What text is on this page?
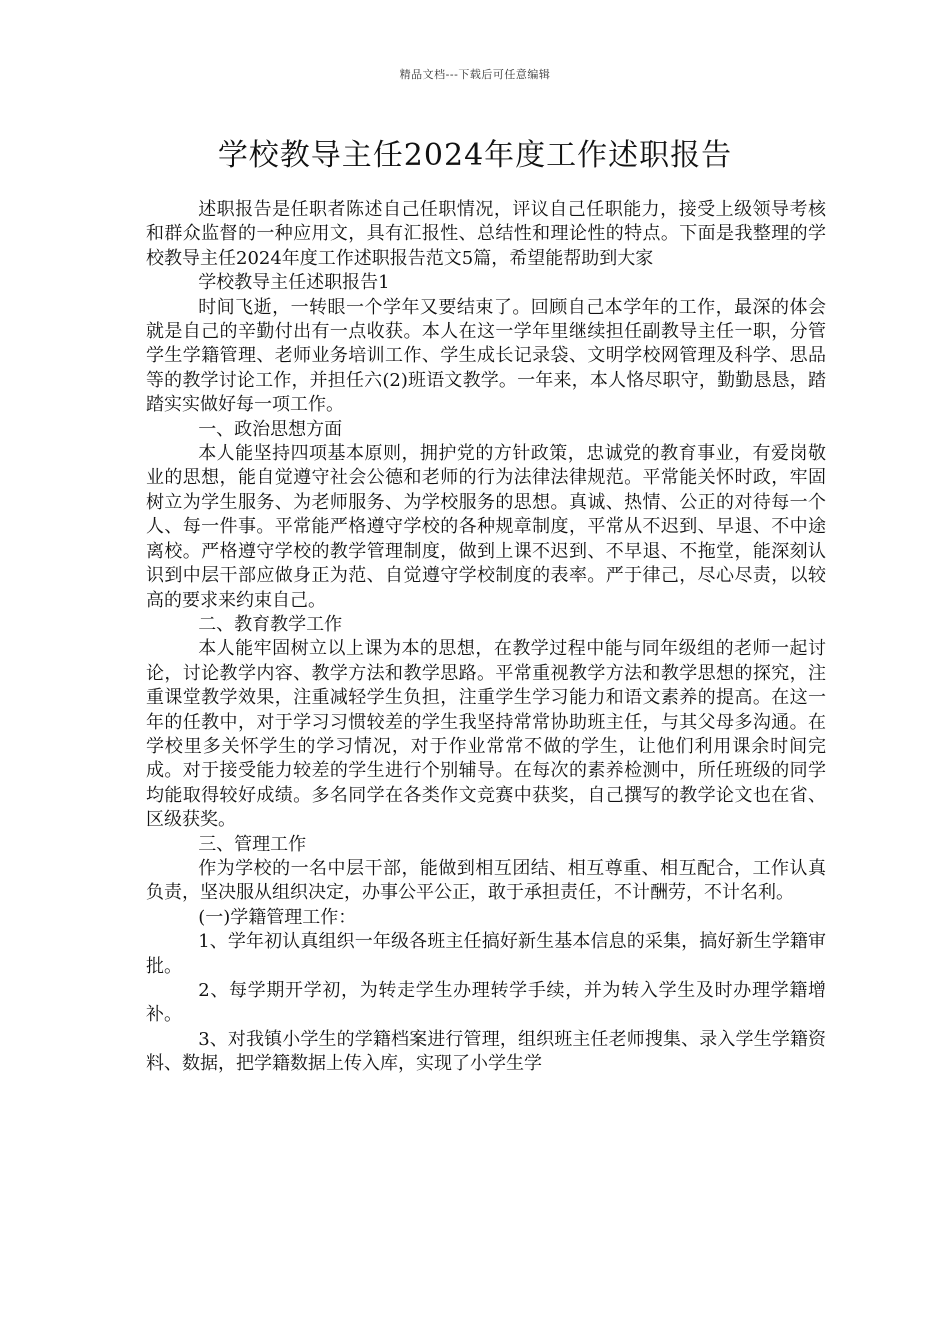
精品文档---下载后可任意编辑
学校教导主任2024年度工作述职报告

述职报告是任职者陈述自己任职情况，评议自己任职能力，接受上级领导考核和群众监督的一种应用文，具有汇报性、总结性和理论性的特点。下面是我整理的学校教导主任2024年度工作述职报告范文5篇，希望能帮助到大家

学校教导主任述职报告1

时间飞逝，一转眼一个学年又要结束了。回顾自己本学年的工作，最深的体会就是自己的辛勤付出有一点收获。本人在这一学年里继续担任副教导主任一职，分管学生学籍管理、老师业务培训工作、学生成长记录袋、文明学校网管理及科学、思品等的教学讨论工作，并担任六(2)班语文教学。一年来，本人恪尽职守，勤勤恳恳，踏踏实实做好每一项工作。

一、政治思想方面

本人能坚持四项基本原则，拥护党的方针政策，忠诚党的教育事业，有爱岗敬业的思想，能自觉遵守社会公德和老师的行为法律法律规范。平常能关怀时政，牢固树立为学生服务、为老师服务、为学校服务的思想。真诚、热情、公正的对待每一个人、每一件事。平常能严格遵守学校的各种规章制度，平常从不迟到、早退、不中途离校。严格遵守学校的教学管理制度，做到上课不迟到、不早退、不拖堂，能深刻认识到中层干部应做身正为范、自觉遵守学校制度的表率。严于律己，尽心尽责，以较高的要求来约束自己。

二、教育教学工作

本人能牢固树立以上课为本的思想，在教学过程中能与同年级组的老师一起讨论，讨论教学内容、教学方法和教学思路。平常重视教学方法和教学思想的探究，注重课堂教学效果，注重减轻学生负担，注重学生学习能力和语文素养的提高。在这一年的任教中，对于学习习惯较差的学生我坚持常常协助班主任，与其父母多沟通。在学校里多关怀学生的学习情况，对于作业常常不做的学生，让他们利用课余时间完成。对于接受能力较差的学生进行个别辅导。在每次的素养检测中，所任班级的同学均能取得较好成绩。多名同学在各类作文竞赛中获奖，自己撰写的教学论文也在省、区级获奖。

三、管理工作

作为学校的一名中层干部，能做到相互团结、相互尊重、相互配合，工作认真负责，坚决服从组织决定，办事公平公正，敢于承担责任，不计酬劳，不计名利。

(一)学籍管理工作：

1、学年初认真组织一年级各班主任搞好新生基本信息的采集，搞好新生学籍审批。

2、每学期开学初，为转走学生办理转学手续，并为转入学生及时办理学籍增补。

3、对我镇小学生的学籍档案进行管理，组织班主任老师搜集、录入学生学籍资料、数据，把学籍数据上传入库，实现了小学生学
